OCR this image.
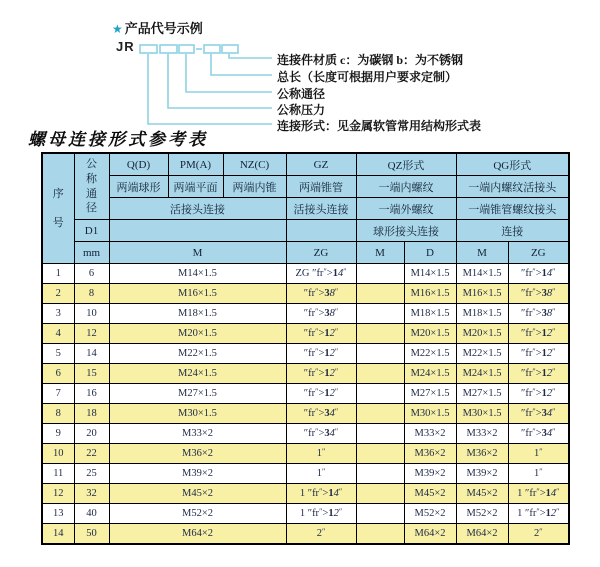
★ 产品代号示例
JR
连接件材质 c：为碳钢 b：为不锈钢
总长（长度可根据用户要求定制）
公称通径
公称压力
连接形式：见金属软管常用结构形式表
螺母连接形式参考表
序号	公称通径	Q(D)	PM(A)	NZ(C)	GZ	QZ形式		QG形式	
		两端球形	两端平面	两端内锥	两端锥管	一端内螺纹		一端内螺纹活接头	
		活接头连接			活接头连接	一端外螺纹		一端锥管螺纹接头	
	D1					球形接头连接		连接	
	mm	M			ZG	M	D	M	ZG
1	6	M14×1.5			ZG ″fr″>14″		M14×1.5	M14×1.5	″fr″>14″
2	8	M16×1.5			″fr″>38″		M16×1.5	M16×1.5	″fr″>38″
3	10	M18×1.5			″fr″>38″		M18×1.5	M18×1.5	″fr″>38″
4	12	M20×1.5			″fr″>12″		M20×1.5	M20×1.5	″fr″>12″
5	14	M22×1.5			″fr″>12″		M22×1.5	M22×1.5	″fr″>12″
6	15	M24×1.5			″fr″>12″		M24×1.5	M24×1.5	″fr″>12″
7	16	M27×1.5			″fr″>12″		M27×1.5	M27×1.5	″fr″>12″
8	18	M30×1.5			″fr″>34″		M30×1.5	M30×1.5	″fr″>34″
9	20	M33×2			″fr″>34″		M33×2	M33×2	″fr″>34″
10	22	M36×2			1″		M36×2	M36×2	1″
11	25	M39×2			1″		M39×2	M39×2	1″
12	32	M45×2			1 ″fr″>14″		M45×2	M45×2	1 ″fr″>14″
13	40	M52×2			1 ″fr″>12″		M52×2	M52×2	1 ″fr″>12″
14	50	M64×2			2″		M64×2	M64×2	2″
